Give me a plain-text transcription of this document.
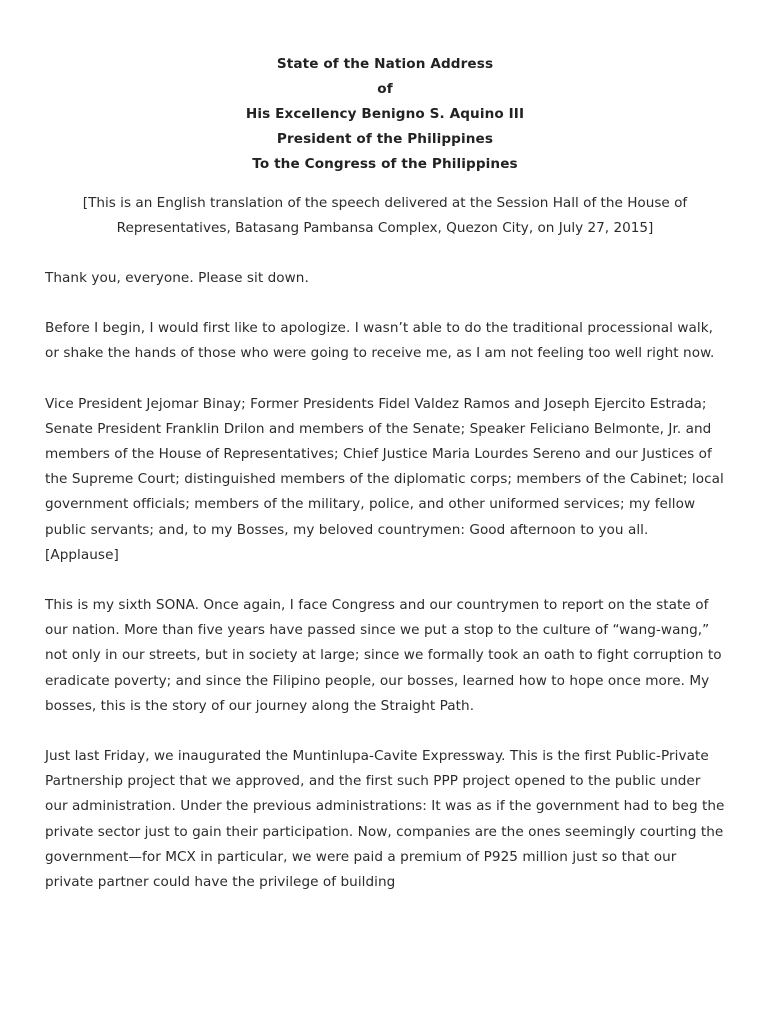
State of the Nation Address
of
His Excellency Benigno S. Aquino III
President of the Philippines
To the Congress of the Philippines

[This is an English translation of the speech delivered at the Session Hall of the House of Representatives, Batasang Pambansa Complex, Quezon City, on July 27, 2015]

Thank you, everyone. Please sit down.

Before I begin, I would first like to apologize. I wasn’t able to do the traditional processional walk, or shake the hands of those who were going to receive me, as I am not feeling too well right now.

Vice President Jejomar Binay; Former Presidents Fidel Valdez Ramos and Joseph Ejercito Estrada; Senate President Franklin Drilon and members of the Senate; Speaker Feliciano Belmonte, Jr. and members of the House of Representatives; Chief Justice Maria Lourdes Sereno and our Justices of the Supreme Court; distinguished members of the diplomatic corps; members of the Cabinet; local government officials; members of the military, police, and other uniformed services; my fellow public servants; and, to my Bosses, my beloved countrymen: Good afternoon to you all. [Applause]

This is my sixth SONA. Once again, I face Congress and our countrymen to report on the state of our nation. More than five years have passed since we put a stop to the culture of “wang-wang,” not only in our streets, but in society at large; since we formally took an oath to fight corruption to eradicate poverty; and since the Filipino people, our bosses, learned how to hope once more. My bosses, this is the story of our journey along the Straight Path.

Just last Friday, we inaugurated the Muntinlupa-Cavite Expressway. This is the first Public-Private Partnership project that we approved, and the first such PPP project opened to the public under our administration. Under the previous administrations: It was as if the government had to beg the private sector just to gain their participation. Now, companies are the ones seemingly courting the government—for MCX in particular, we were paid a premium of P925 million just so that our private partner could have the privilege of building
